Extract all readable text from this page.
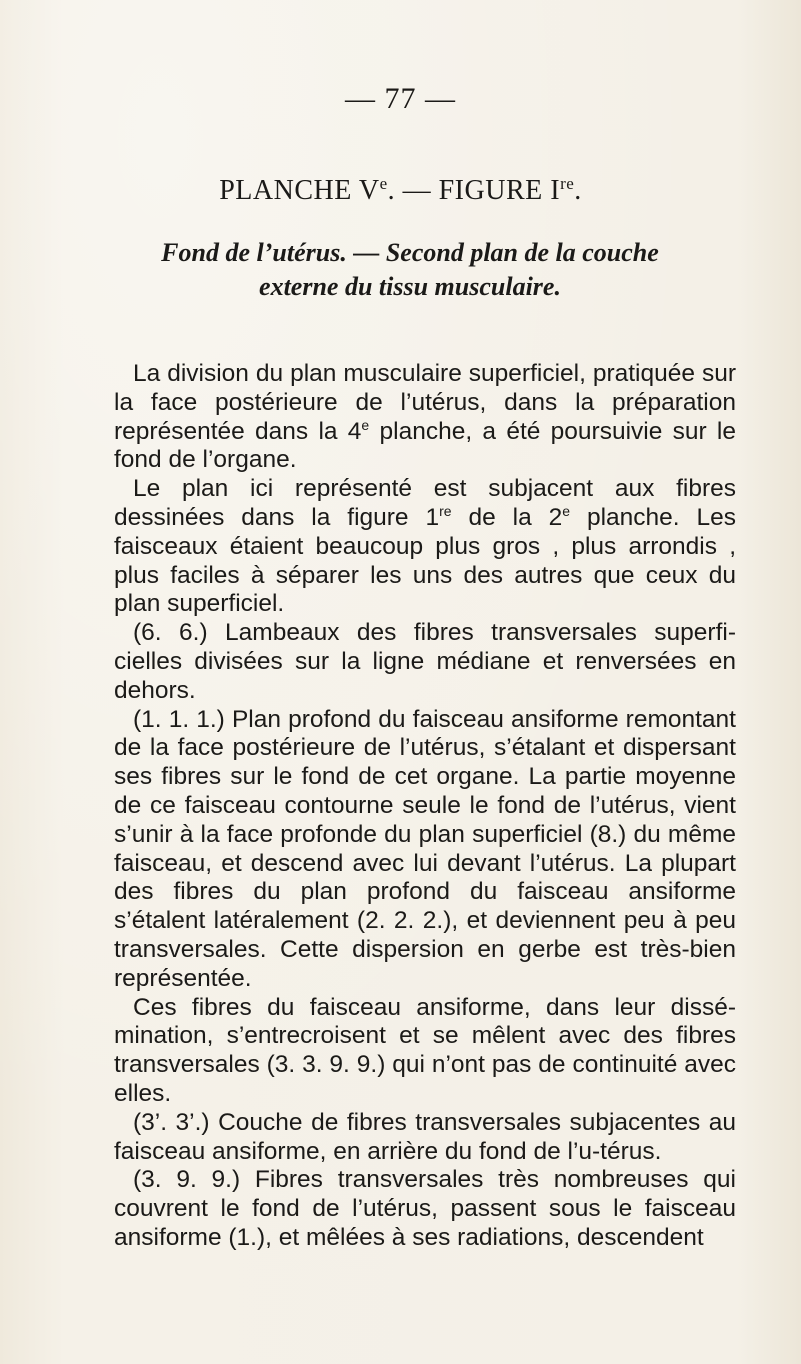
— 77 —
PLANCHE Ve. — FIGURE Ire.
Fond de l’utérus. — Second plan de la couche
externe du tissu musculaire.

La division du plan musculaire superficiel, pratiquée sur la face postérieure de l’utérus, dans la préparation représentée dans la 4e planche, a été poursuivie sur le fond de l’organe.

Le plan ici représenté est subjacent aux fibres dessinées dans la figure 1re de la 2e planche. Les faisceaux étaient beaucoup plus gros , plus arrondis , plus faciles à séparer les uns des autres que ceux du plan superficiel.

(6. 6.) Lambeaux des fibres transversales superfi-cielles divisées sur la ligne médiane et renversées en dehors.

(1. 1. 1.) Plan profond du faisceau ansiforme remontant de la face postérieure de l’utérus, s’étalant et dispersant ses fibres sur le fond de cet organe. La partie moyenne de ce faisceau contourne seule le fond de l’utérus, vient s’unir à la face profonde du plan superficiel (8.) du même faisceau, et descend avec lui devant l’utérus. La plupart des fibres du plan profond du faisceau ansiforme s’étalent latéralement (2. 2. 2.), et deviennent peu à peu transversales. Cette dispersion en gerbe est très-bien représentée.

Ces fibres du faisceau ansiforme, dans leur dissé-mination, s’entrecroisent et se mêlent avec des fibres transversales (3. 3. 9. 9.) qui n’ont pas de continuité avec elles.

(3’. 3’.) Couche de fibres transversales subjacentes au faisceau ansiforme, en arrière du fond de l’u-térus.

(3. 9. 9.) Fibres transversales très nombreuses qui couvrent le fond de l’utérus, passent sous le faisceau ansiforme (1.), et mêlées à ses radiations, descendent
